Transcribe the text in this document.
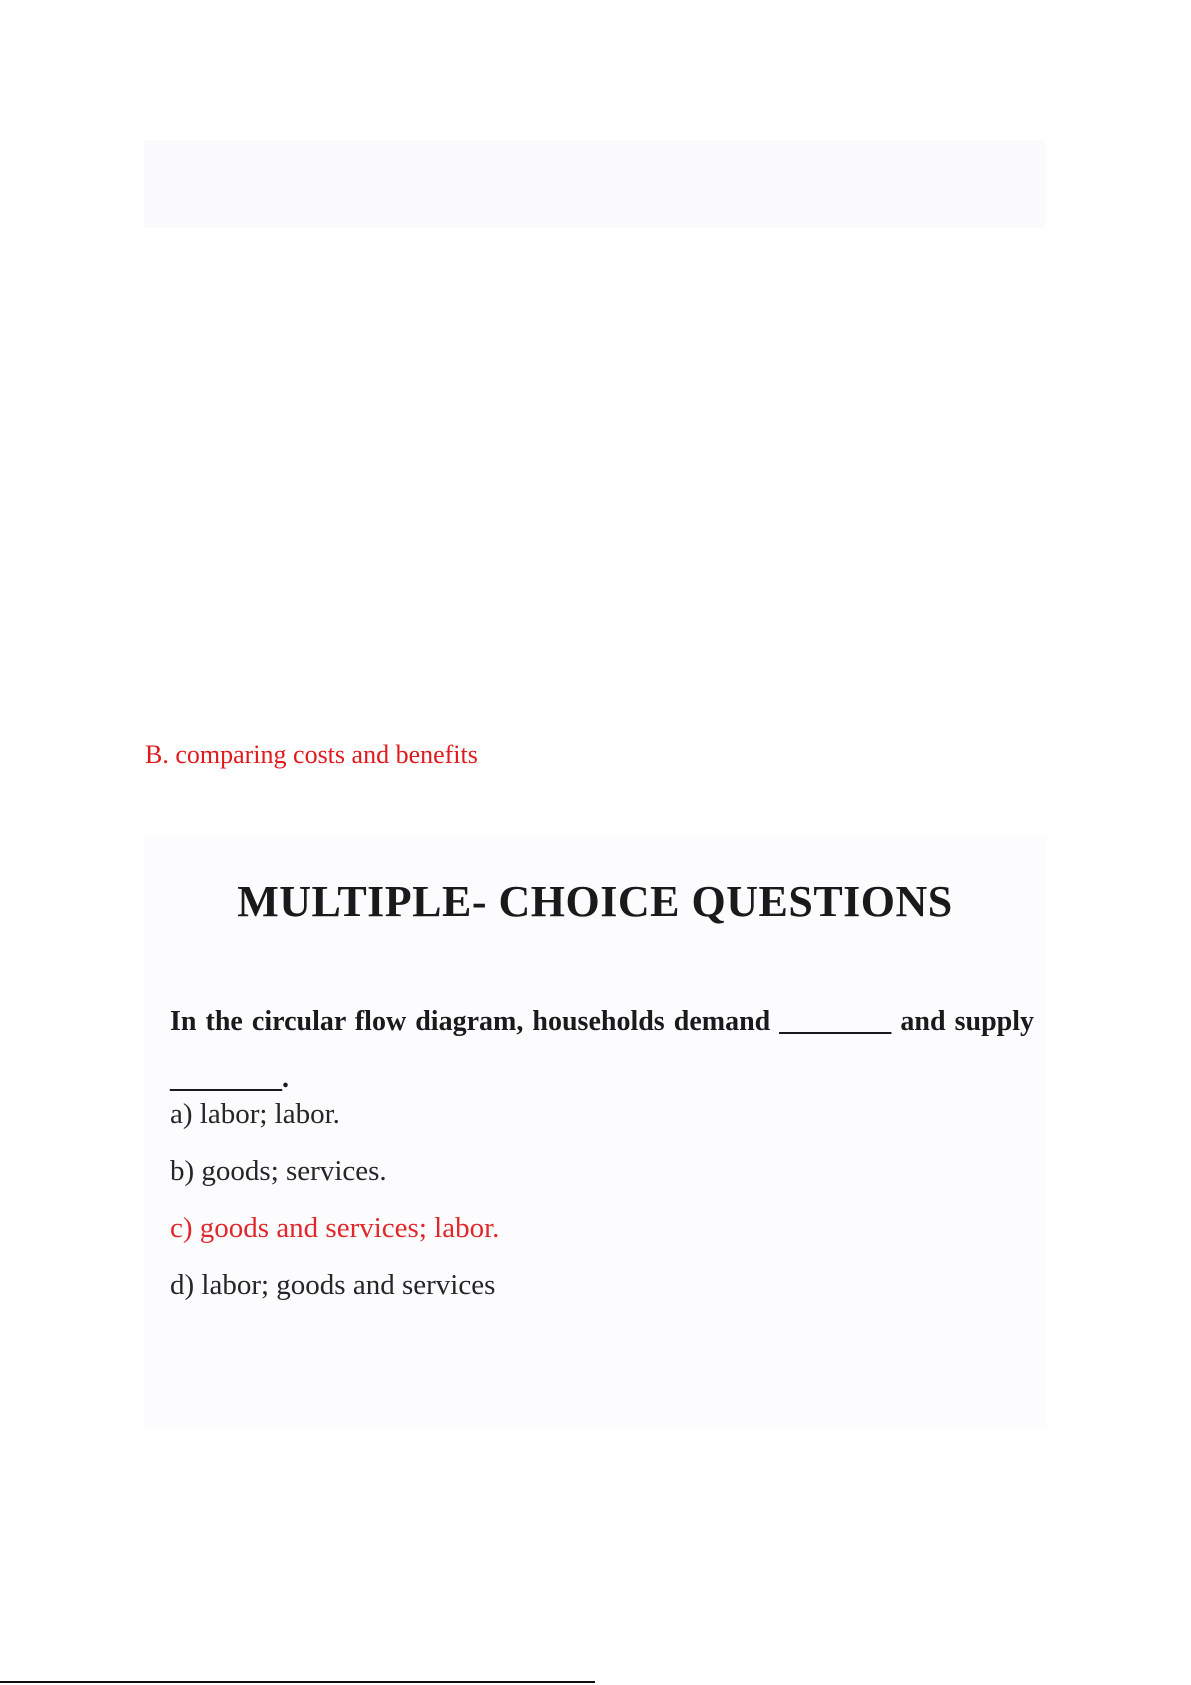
B. comparing costs and benefits
MULTIPLE- CHOICE QUESTIONS
In the circular flow diagram, households demand ________ and supply ________.
a) labor; labor.
b) goods; services.
c) goods and services; labor.
d) labor; goods and services
